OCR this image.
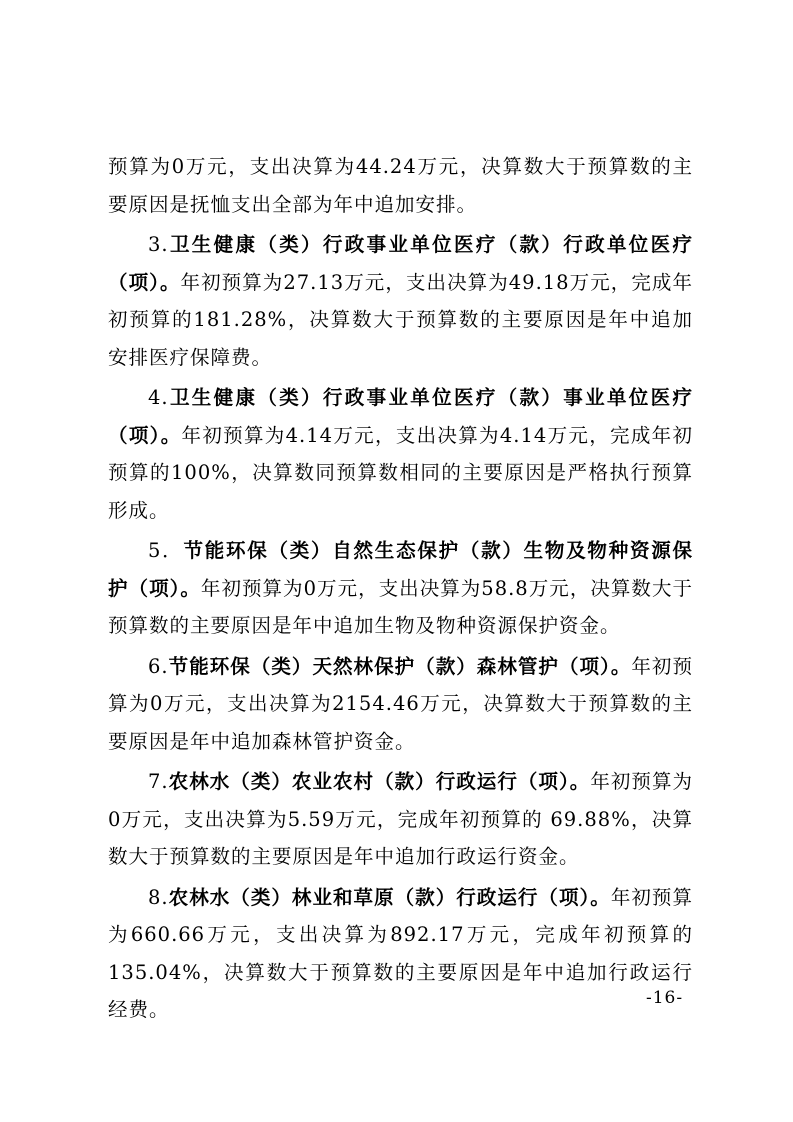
预算为0万元，支出决算为44.24万元，决算数大于预算数的主要原因是抚恤支出全部为年中追加安排。

3.卫生健康（类）行政事业单位医疗（款）行政单位医疗（项）。年初预算为27.13万元，支出决算为49.18万元，完成年初预算的181.28%，决算数大于预算数的主要原因是年中追加安排医疗保障费。

4.卫生健康（类）行政事业单位医疗（款）事业单位医疗（项）。年初预算为4.14万元，支出决算为4.14万元，完成年初预算的100%，决算数同预算数相同的主要原因是严格执行预算形成。

5．节能环保（类）自然生态保护（款）生物及物种资源保护（项）。年初预算为0万元，支出决算为58.8万元，决算数大于预算数的主要原因是年中追加生物及物种资源保护资金。

6.节能环保（类）天然林保护（款）森林管护（项）。年初预算为0万元，支出决算为2154.46万元，决算数大于预算数的主要原因是年中追加森林管护资金。

7.农林水（类）农业农村（款）行政运行（项）。年初预算为0万元，支出决算为5.59万元，完成年初预算的 69.88%，决算数大于预算数的主要原因是年中追加行政运行资金。

8.农林水（类）林业和草原（款）行政运行（项）。年初预算为660.66万元，支出决算为892.17万元，完成年初预算的135.04%，决算数大于预算数的主要原因是年中追加行政运行经费。	-16-
